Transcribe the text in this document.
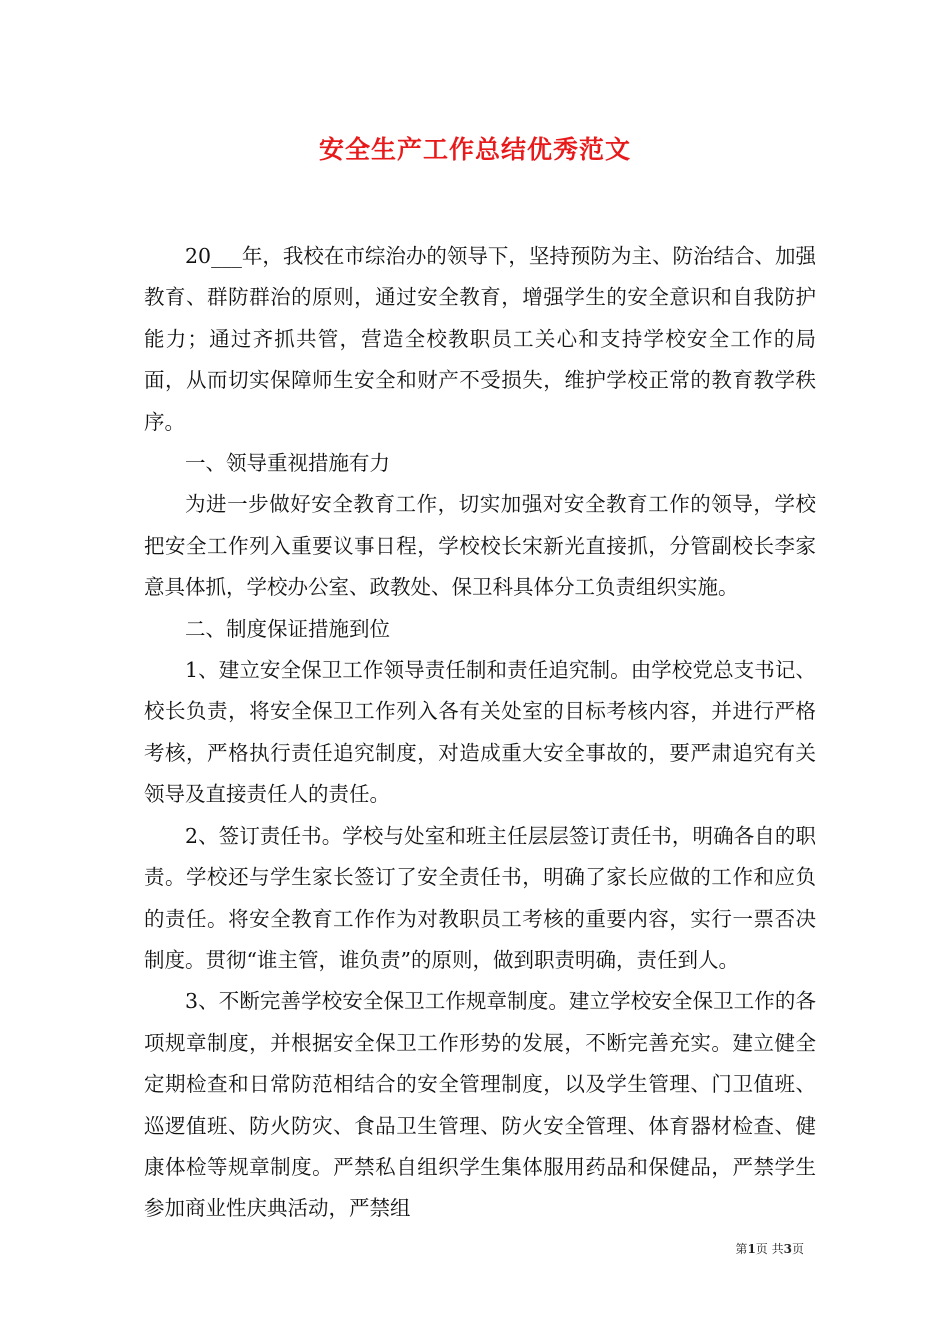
安全生产工作总结优秀范文

20___年，我校在市综治办的领导下，坚持预防为主、防治结合、加强教育、群防群治的原则，通过安全教育，增强学生的安全意识和自我防护能力；通过齐抓共管，营造全校教职员工关心和支持学校安全工作的局面，从而切实保障师生安全和财产不受损失，维护学校正常的教育教学秩序。

一、领导重视措施有力

为进一步做好安全教育工作，切实加强对安全教育工作的领导，学校把安全工作列入重要议事日程，学校校长宋新光直接抓，分管副校长李家意具体抓，学校办公室、政教处、保卫科具体分工负责组织实施。

二、制度保证措施到位

1、建立安全保卫工作领导责任制和责任追究制。由学校党总支书记、校长负责，将安全保卫工作列入各有关处室的目标考核内容，并进行严格考核，严格执行责任追究制度，对造成重大安全事故的，要严肃追究有关领导及直接责任人的责任。

2、签订责任书。学校与处室和班主任层层签订责任书，明确各自的职责。学校还与学生家长签订了安全责任书，明确了家长应做的工作和应负的责任。将安全教育工作作为对教职员工考核的重要内容，实行一票否决制度。贯彻“谁主管，谁负责”的原则，做到职责明确，责任到人。

3、不断完善学校安全保卫工作规章制度。建立学校安全保卫工作的各项规章制度，并根据安全保卫工作形势的发展，不断完善充实。建立健全定期检查和日常防范相结合的安全管理制度，以及学生管理、门卫值班、巡逻值班、防火防灾、食品卫生管理、防火安全管理、体育器材检查、健康体检等规章制度。严禁私自组织学生集体服用药品和保健品，严禁学生参加商业性庆典活动，严禁组

第1页 共3页
